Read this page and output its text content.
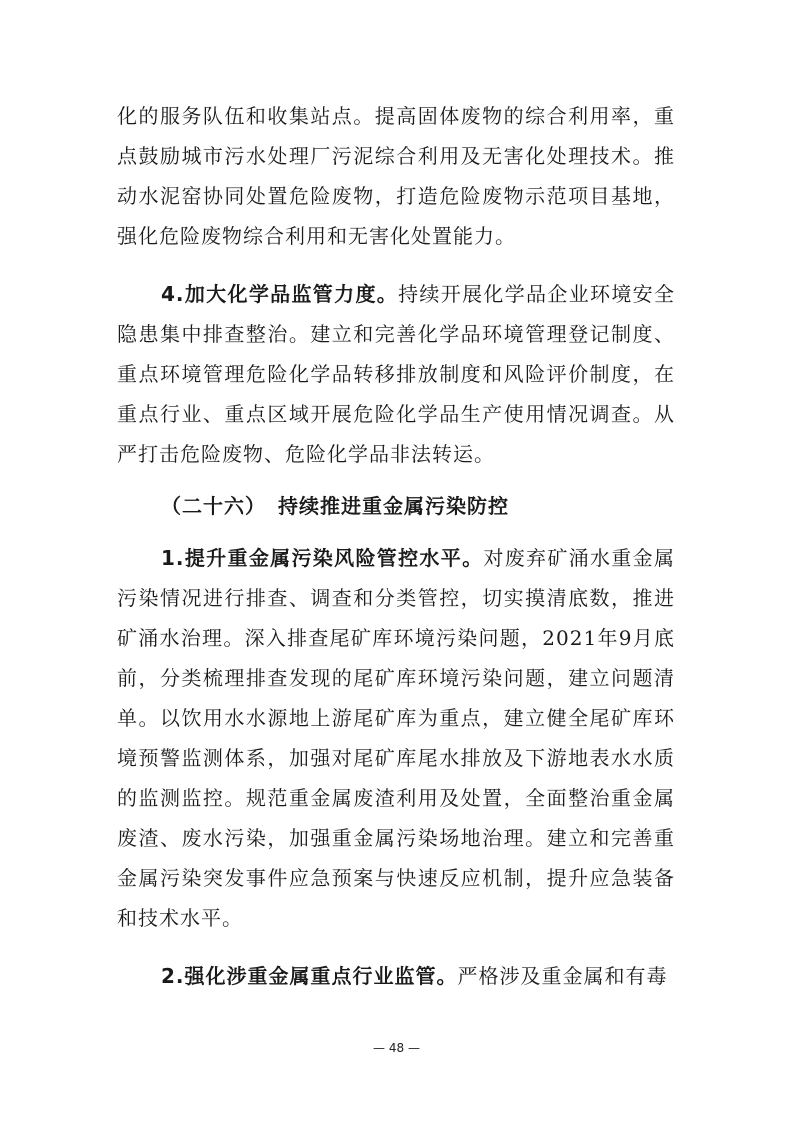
化的服务队伍和收集站点。提高固体废物的综合利用率，重点鼓励城市污水处理厂污泥综合利用及无害化处理技术。推动水泥窑协同处置危险废物，打造危险废物示范项目基地，强化危险废物综合利用和无害化处置能力。

4.加大化学品监管力度。持续开展化学品企业环境安全隐患集中排查整治。建立和完善化学品环境管理登记制度、重点环境管理危险化学品转移排放制度和风险评价制度，在重点行业、重点区域开展危险化学品生产使用情况调查。从严打击危险废物、危险化学品非法转运。

（二十六） 持续推进重金属污染防控

1.提升重金属污染风险管控水平。对废弃矿涌水重金属污染情况进行排查、调查和分类管控，切实摸清底数，推进矿涌水治理。深入排查尾矿库环境污染问题，2021年9月底前，分类梳理排查发现的尾矿库环境污染问题，建立问题清单。以饮用水水源地上游尾矿库为重点，建立健全尾矿库环境预警监测体系，加强对尾矿库尾水排放及下游地表水水质的监测监控。规范重金属废渣利用及处置，全面整治重金属废渣、废水污染，加强重金属污染场地治理。建立和完善重金属污染突发事件应急预案与快速反应机制，提升应急装备和技术水平。

2.强化涉重金属重点行业监管。严格涉及重金属和有毒

— 48 —
